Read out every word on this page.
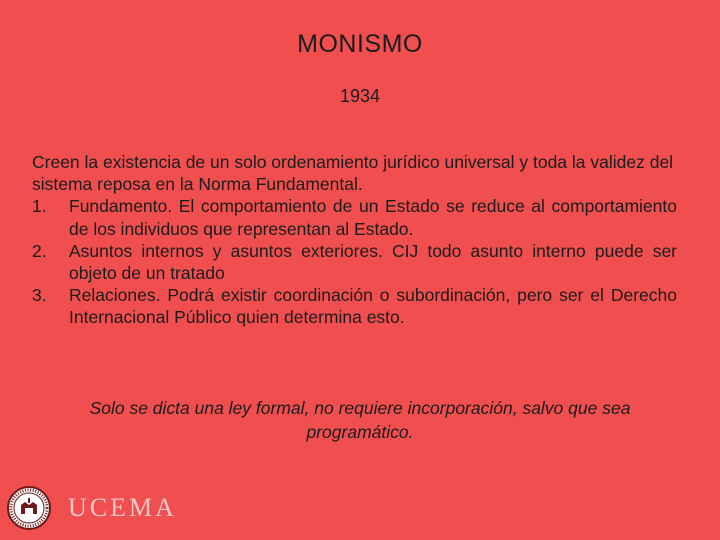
MONISMO
1934

Creen la existencia de un solo ordenamiento jurídico universal y toda la validez del sistema reposa en la Norma Fundamental.

1.	Fundamento. El comportamiento de un Estado se reduce al comportamiento de los individuos que representan al Estado.
2.	Asuntos internos y asuntos exteriores. CIJ todo asunto interno puede ser objeto de un tratado
3.	Relaciones. Podrá existir coordinación o subordinación, pero ser el Derecho Internacional Público quien determina esto.
Solo se dicta una ley formal, no requiere incorporación, salvo que sea programático.
UCEMA
